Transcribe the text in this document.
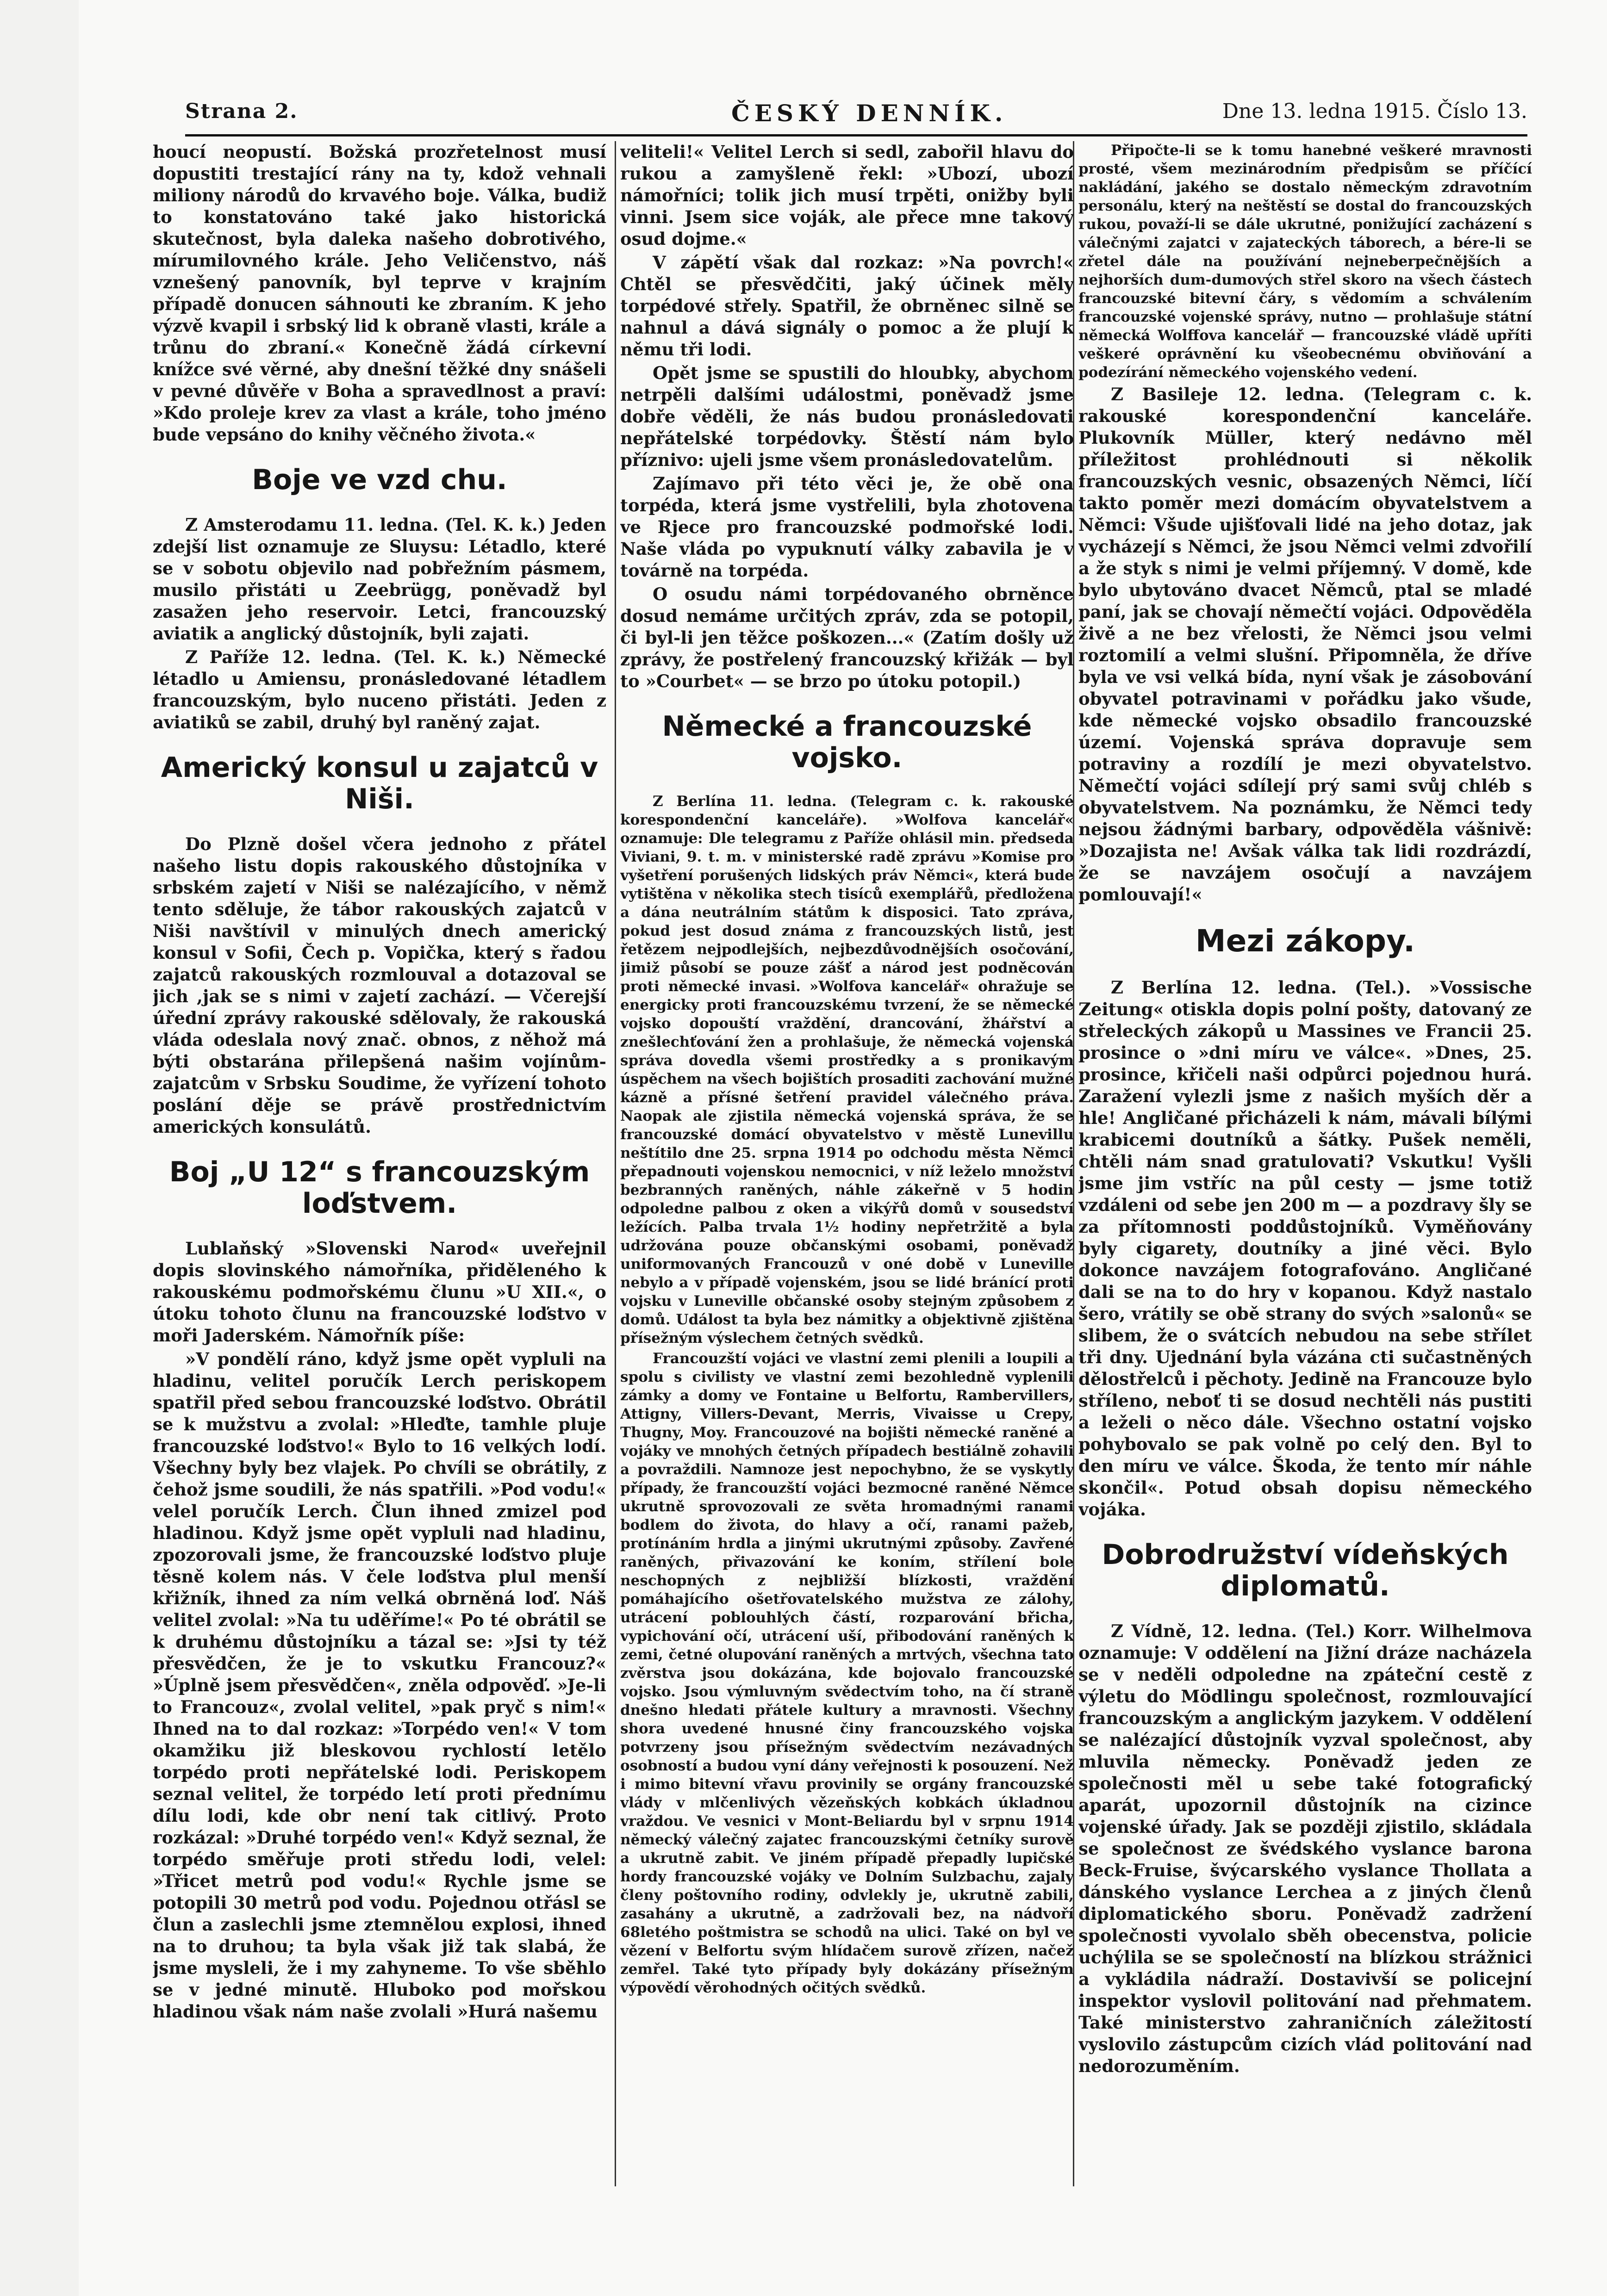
Strana 2.	ČESKÝ DENNÍK.	Dne 13. ledna 1915. Číslo 13.

houcí neopustí. Božská prozřetelnost musí dopustiti trestající rány na ty, kdož vehnali miliony národů do krvavého boje. Válka, budiž to konstatováno také jako historická skutečnost, byla daleka našeho dobrotivého, mírumilovného krále. Jeho Veličenstvo, náš vznešený panovník, byl teprve v krajním případě donucen sáhnouti ke zbraním. K jeho výzvě kvapil i srbský lid k obraně vlasti, krále a trůnu do zbraní.« Konečně žádá církevní knížce své věrné, aby dnešní těžké dny snášeli v pevné důvěře v Boha a spravedlnost a praví: »Kdo proleje krev za vlast a krále, toho jméno bude vepsáno do knihy věčného života.«

Boje ve vzd chu.

Z Amsterodamu 11. ledna. (Tel. K. k.) Jeden zdejší list oznamuje ze Sluysu: Létadlo, které se v sobotu objevilo nad pobřežním pásmem, musilo přistáti u Zeebrügg, poněvadž byl zasažen jeho reservoir. Letci, francouzský aviatik a anglický důstojník, byli zajati.

Z Paříže 12. ledna. (Tel. K. k.) Německé létadlo u Amiensu, pronásledované létadlem francouzským, bylo nuceno přistáti. Jeden z aviatiků se zabil, druhý byl raněný zajat.

Americký konsul u zajatců v Niši.

Do Plzně došel včera jednoho z přátel našeho listu dopis rakouského důstojníka v srbském zajetí v Niši se nalézajícího, v němž tento sděluje, že tábor rakouských zajatců v Niši navštívil v minulých dnech americký konsul v Sofii, Čech p. Vopička, který s řadou zajatců rakouských rozmlouval a dotazoval se jich ,jak se s nimi v zajetí zachází. — Včerejší úřední zprávy rakouské sdělovaly, že rakouská vláda odeslala nový znač. obnos, z něhož má býti obstarána přilepšená našim vojínům-zajatcům v Srbsku Soudime, že vyřízení tohoto poslání děje se právě prostřednictvím amerických konsulátů.

Boj „U 12“ s francouzským loďstvem.

Lublaňský »Slovenski Narod« uveřejnil dopis slovinského námořníka, přiděleného k rakouskému podmořskému člunu »U XII.«, o útoku tohoto člunu na francouzské loďstvo v moři Jaderském. Námořník píše:

»V pondělí ráno, když jsme opět vypluli na hladinu, velitel poručík Lerch periskopem spatřil před sebou francouzské loďstvo. Obrátil se k mužstvu a zvolal: »Hleďte, tamhle pluje francouzské loďstvo!« Bylo to 16 velkých lodí. Všechny byly bez vlajek. Po chvíli se obrátily, z čehož jsme soudili, že nás spatřili. »Pod vodu!« velel poručík Lerch. Člun ihned zmizel pod hladinou. Když jsme opět vypluli nad hladinu, zpozorovali jsme, že francouzské loďstvo pluje těsně kolem nás. V čele loďstva plul menší křižník, ihned za ním velká obrněná loď. Náš velitel zvolal: »Na tu uděříme!« Po té obrátil se k druhému důstojníku a tázal se: »Jsi ty též přesvědčen, že je to vskutku Francouz?« »Úplně jsem přesvědčen«, zněla odpověď. »Je-li to Francouz«, zvolal velitel, »pak pryč s nim!« Ihned na to dal rozkaz: »Torpédo ven!« V tom okamžiku již bleskovou rychlostí letělo torpédo proti nepřátelské lodi. Periskopem seznal velitel, že torpédo letí proti přednímu dílu lodi, kde obr není tak citlivý. Proto rozkázal: »Druhé torpédo ven!« Když seznal, že torpédo směřuje proti středu lodi, velel: »Třicet metrů pod vodu!« Rychle jsme se potopili 30 metrů pod vodu. Pojednou otřásl se člun a zaslechli jsme ztemnělou explosi, ihned na to druhou; ta byla však již tak slabá, že jsme mysleli, že i my zahyneme. To vše sběhlo se v jedné minutě. Hluboko pod mořskou hladinou však nám naše zvolali »Hurá našemu

veliteli!« Velitel Lerch si sedl, zabořil hlavu do rukou a zamyšleně řekl: »Ubozí, ubozí námořníci; tolik jich musí trpěti, onižby byli vinni. Jsem sice voják, ale přece mne takový osud dojme.«

V zápětí však dal rozkaz: »Na povrch!« Chtěl se přesvědčiti, jaký účinek měly torpédové střely. Spatřil, že obrněnec silně se nahnul a dává signály o pomoc a že plují k němu tři lodi.

Opět jsme se spustili do hloubky, abychom netrpěli dalšími událostmi, poněvadž jsme dobře věděli, že nás budou pronásledovati nepřátelské torpédovky. Štěstí nám bylo příznivo: ujeli jsme všem pronásledovatelům.

Zajímavo při této věci je, že obě ona torpéda, která jsme vystřelili, byla zhotovena ve Rjece pro francouzské podmořské lodi. Naše vláda po vypuknutí války zabavila je v továrně na torpéda.

O osudu námi torpédovaného obrněnce dosud nemáme určitých zpráv, zda se potopil, či byl-li jen těžce poškozen...« (Zatím došly už zprávy, že postřelený francouzský křižák — byl to »Courbet« — se brzo po útoku potopil.)

Německé a francouzské vojsko.

Z Berlína 11. ledna. (Telegram c. k. rakouské korespondenční kanceláře). »Wolfova kancelář« oznamuje: Dle telegramu z Paříže ohlásil min. předseda Viviani, 9. t. m. v ministerské radě zprávu »Komise pro vyšetření porušených lidských práv Němci«, která bude vytištěna v několika stech tisíců exemplářů, předložena a dána neutrálním státům k disposici. Tato zpráva, pokud jest dosud známa z francouzských listů, jest řetězem nejpodlejších, nejbezdůvodnějších osočování, jimiž působí se pouze zášť a národ jest podněcován proti německé invasi. »Wolfova kancelář« ohražuje se energicky proti francouzskému tvrzení, že se německé vojsko dopouští vraždění, drancování, žhářství a znešlechťování žen a prohlašuje, že německá vojenská správa dovedla všemi prostředky a s pronikavým úspěchem na všech bojištích prosaditi zachování mužné kázně a přísné šetření pravidel válečného práva. Naopak ale zjistila německá vojenská správa, že se francouzské domácí obyvatelstvo v městě Lunevillu neštítilo dne 25. srpna 1914 po odchodu města Němci přepadnouti vojenskou nemocnici, v níž leželo množství bezbranných raněných, náhle zákeřně v 5 hodin odpoledne palbou z oken a vikýřů domů v sousedství ležících. Palba trvala 1½ hodiny nepřetržitě a byla udržována pouze občanskými osobami, poněvadž uniformovaných Francouzů v oné době v Luneville nebylo a v případě vojenském, jsou se lidé bránící proti vojsku v Luneville občanské osoby stejným způsobem z domů. Událost ta byla bez námitky a objektivně zjištěna přísežným výslechem četných svědků.

Francouzští vojáci ve vlastní zemi plenili a loupili a spolu s civilisty ve vlastní zemi bezohledně vyplenili zámky a domy ve Fontaine u Belfortu, Rambervillers, Attigny, Villers-Devant, Merris, Vivaisse u Crepy, Thugny, Moy. Francouzové na bojišti německé raněné a vojáky ve mnohých četných případech bestiálně zohavili a povraždili. Namnoze jest nepochybno, že se vyskytly případy, že francouzští vojáci bezmocné raněné Němce ukrutně sprovozovali ze světa hromadnými ranami bodlem do života, do hlavy a očí, ranami pažeb, protínáním hrdla a jinými ukrutnými způsoby. Zavřené raněných, přivazování ke koním, střílení bole neschopných z nejbližší blízkosti, vraždění pomáhajícího ošetřovatelského mužstva ze zálohy, utrácení poblouhlých částí, rozparování břicha, vypichování očí, utrácení uší, přibodování raněných k zemi, četné olupování raněných a mrtvých, všechna tato zvěrstva jsou dokázána, kde bojovalo francouzské vojsko. Jsou výmluvným svědectvím toho, na čí straně dnešno hledati přátele kultury a mravnosti. Všechny shora uvedené hnusné činy francouzského vojska potvrzeny jsou přísežným svědectvím nezávadných osobností a budou vyní dány veřejnosti k posouzení. Než i mimo bitevní vřavu provinily se orgány francouzské vlády v mlčenlivých vězeňských kobkách úkladnou vraždou. Ve vesnici v Mont-Beliardu byl v srpnu 1914 německý válečný zajatec francouzskými četníky surově a ukrutně zabit. Ve jiném případě přepadly lupičské hordy francouzské vojáky ve Dolním Sulzbachu, zajaly členy poštovního rodiny, odvlekly je, ukrutně zabili, zasahány a ukrutně, a zadržovali bez, na nádvoří 68letého poštmistra se schodů na ulici. Také on byl ve vězení v Belfortu svým hlídačem surově zřízen, načež zemřel. Také tyto případy byly dokázány přísežným výpovědí věrohodných očitých svědků.

Připočte-li se k tomu hanebné veškeré mravnosti prosté, všem mezinárodním předpisům se příčící nakládání, jakého se dostalo německým zdravotním personálu, který na neštěstí se dostal do francouzských rukou, považí-li se dále ukrutné, ponižující zacházení s válečnými zajatci v zajateckých táborech, a bére-li se zřetel dále na používání nejneberpečnějších a nejhorších dum-dumových střel skoro na všech částech francouzské bitevní čáry, s vědomím a schválením francouzské vojenské správy, nutno — prohlašuje státní německá Wolffova kancelář — francouzské vládě upříti veškeré oprávnění ku všeobecnému obviňování a podezírání německého vojenského vedení.

Z Basileje 12. ledna. (Telegram c. k. rakouské korespondenční kanceláře. Plukovník Müller, který nedávno měl příležitost prohlédnouti si několik francouzských vesnic, obsazených Němci, líčí takto poměr mezi domácím obyvatelstvem a Němci: Všude ujišťovali lidé na jeho dotaz, jak vycházejí s Němci, že jsou Němci velmi zdvořilí a že styk s nimi je velmi příjemný. V domě, kde bylo ubytováno dvacet Němců, ptal se mladé paní, jak se chovají němečtí vojáci. Odpověděla živě a ne bez vřelosti, že Němci jsou velmi roztomilí a velmi slušní. Připomněla, že dříve byla ve vsi velká bída, nyní však je zásobování obyvatel potravinami v pořádku jako všude, kde německé vojsko obsadilo francouzské území. Vojenská správa dopravuje sem potraviny a rozdílí je mezi obyvatelstvo. Němečtí vojáci sdílejí prý sami svůj chléb s obyvatelstvem. Na poznámku, že Němci tedy nejsou žádnými barbary, odpověděla vášnivě: »Dozajista ne! Avšak válka tak lidi rozdrázdí, že se navzájem osočují a navzájem pomlouvají!«

Mezi zákopy.

Z Berlína 12. ledna. (Tel.). »Vossische Zeitung« otiskla dopis polní pošty, datovaný ze střeleckých zákopů u Massines ve Francii 25. prosince o »dni míru ve válce«. »Dnes, 25. prosince, křičeli naši odpůrci pojednou hurá. Zaražení vylezli jsme z našich myších děr a hle! Angličané přicházeli k nám, mávali bílými krabicemi doutníků a šátky. Pušek neměli, chtěli nám snad gratulovati? Vskutku! Vyšli jsme jim vstříc na půl cesty — jsme totiž vzdáleni od sebe jen 200 m — a pozdravy šly se za přítomnosti poddůstojníků. Vyměňovány byly cigarety, doutníky a jiné věci. Bylo dokonce navzájem fotografováno. Angličané dali se na to do hry v kopanou. Když nastalo šero, vrátily se obě strany do svých »salonů« se slibem, že o svátcích nebudou na sebe střílet tři dny. Ujednání byla vázána cti sučastněných dělostřelců i pěchoty. Jedině na Francouze bylo stříleno, neboť ti se dosud nechtěli nás pustiti a leželi o něco dále. Všechno ostatní vojsko pohybovalo se pak volně po celý den. Byl to den míru ve válce. Škoda, že tento mír náhle skončil«. Potud obsah dopisu německého vojáka.

Dobrodružství vídeňských diplomatů.

Z Vídně, 12. ledna. (Tel.) Korr. Wilhelmova oznamuje: V oddělení na Jižní dráze nacházela se v neděli odpoledne na zpáteční cestě z výletu do Mödlingu společnost, rozmlouvající francouzským a anglickým jazykem. V oddělení se nalézající důstojník vyzval společnost, aby mluvila německy. Poněvadž jeden ze společnosti měl u sebe také fotografický aparát, upozornil důstojník na cizince vojenské úřady. Jak se později zjistilo, skládala se společnost ze švédského vyslance barona Beck-Fruise, švýcarského vyslance Thollata a dánského vyslance Lerchea a z jiných členů diplomatického sboru. Poněvadž zadržení společnosti vyvolalo sběh obecenstva, policie uchýlila se se společností na blízkou strážnici a vykládila nádraží. Dostavivší se policejní inspektor vyslovil politování nad přehmatem. Také ministerstvo zahraničních záležitostí vyslovilo zástupcům cizích vlád politování nad nedorozuměním.
